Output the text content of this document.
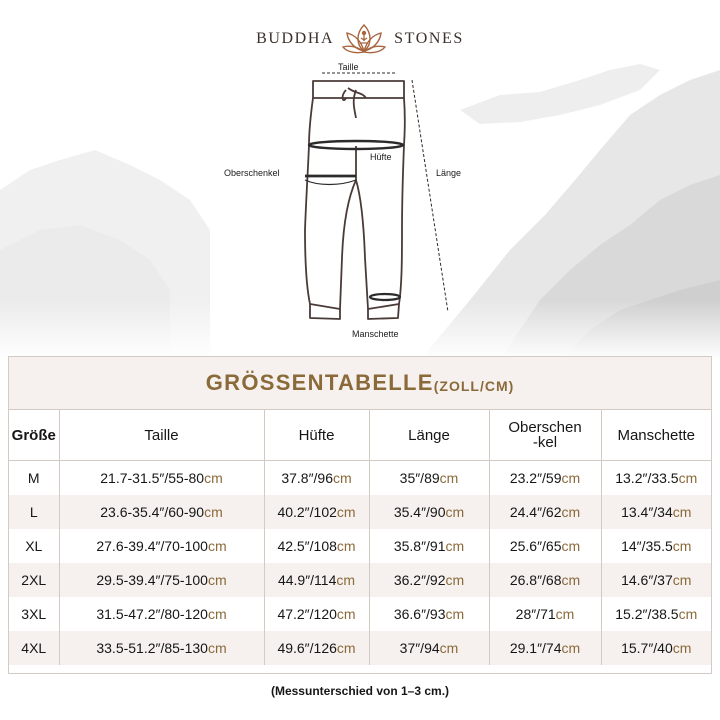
BUDDHA	STONES
Taille
Oberschenkel
Hüfte
Länge
Manschette
GRÖSSENTABELLE (ZOLL/CM)
Größe	Taille	Hüfte	Länge	Oberschen
-kel	Manschette
M	21.7-31.5″/55-80cm	37.8″/96cm	35″/89cm	23.2″/59cm	13.2″/33.5cm
L	23.6-35.4″/60-90cm	40.2″/102cm	35.4″/90cm	24.4″/62cm	13.4″/34cm
XL	27.6-39.4″/70-100cm	42.5″/108cm	35.8″/91cm	25.6″/65cm	14″/35.5cm
2XL	29.5-39.4″/75-100cm	44.9″/114cm	36.2″/92cm	26.8″/68cm	14.6″/37cm
3XL	31.5-47.2″/80-120cm	47.2″/120cm	36.6″/93cm	28″/71cm	15.2″/38.5cm
4XL	33.5-51.2″/85-130cm	49.6″/126cm	37″/94cm	29.1″/74cm	15.7″/40cm
(Messunterschied von 1–3 cm.)
